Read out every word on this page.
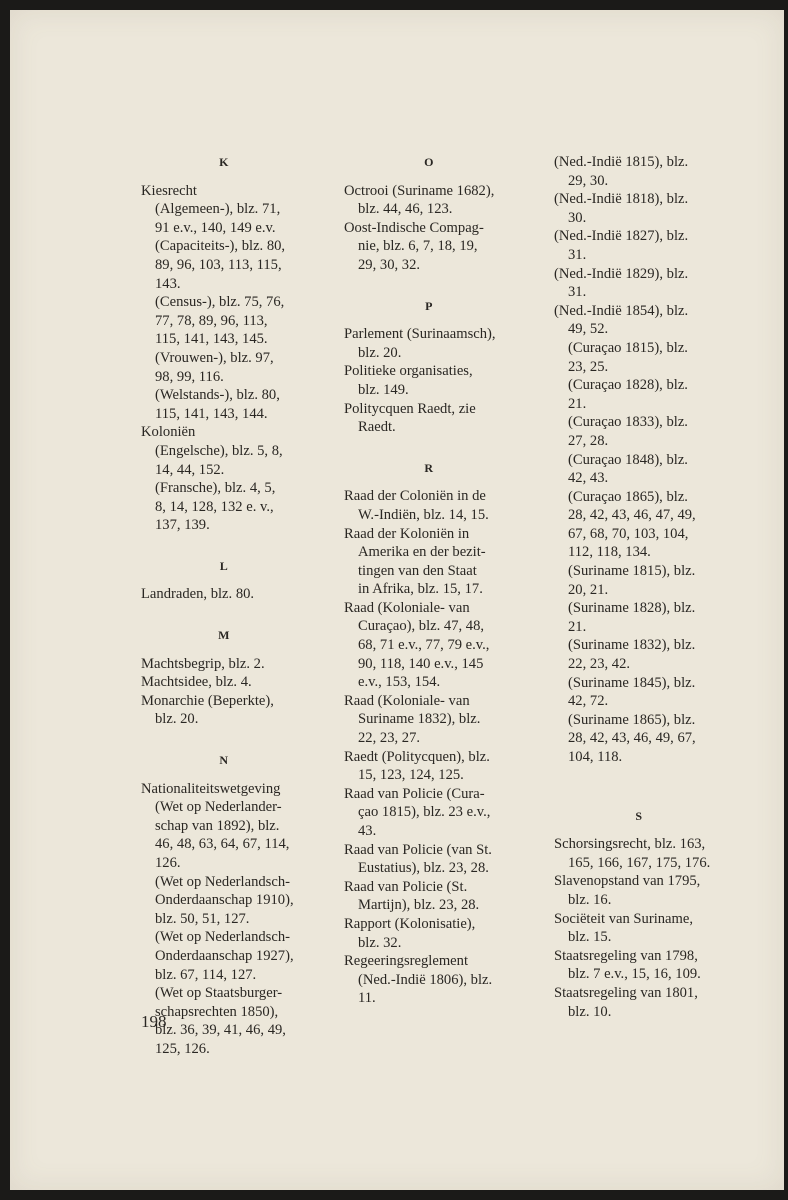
K
Kiesrecht
(Algemeen-), blz. 71,
91 e.v., 140, 149 e.v.
(Capaciteits-), blz. 80,
89, 96, 103, 113, 115,
143.
(Census-), blz. 75, 76,
77, 78, 89, 96, 113,
115, 141, 143, 145.
(Vrouwen-), blz. 97,
98, 99, 116.
(Welstands-), blz. 80,
115, 141, 143, 144.
Koloniën
(Engelsche), blz. 5, 8,
14, 44, 152.
(Fransche), blz. 4, 5,
8, 14, 128, 132 e. v.,
137, 139.
L
Landraden, blz. 80.
M
Machtsbegrip, blz. 2.
Machtsidee, blz. 4.
Monarchie (Beperkte),
blz. 20.
N
Nationaliteitswetgeving
(Wet op Nederlander-
schap van 1892), blz.
46, 48, 63, 64, 67, 114,
126.
(Wet op Nederlandsch-
Onderdaanschap 1910),
blz. 50, 51, 127.
(Wet op Nederlandsch-
Onderdaanschap 1927),
blz. 67, 114, 127.
(Wet op Staatsburger-
schapsrechten 1850),
blz. 36, 39, 41, 46, 49,
125, 126.
O
Octrooi (Suriname 1682),
blz. 44, 46, 123.
Oost-Indische Compag-
nie, blz. 6, 7, 18, 19,
29, 30, 32.
P
Parlement (Surinaamsch),
blz. 20.
Politieke organisaties,
blz. 149.
Politycquen Raedt, zie
Raedt.
R
Raad der Coloniën in de
W.-Indiën, blz. 14, 15.
Raad der Koloniën in
Amerika en der bezit-
tingen van den Staat
in Afrika, blz. 15, 17.
Raad (Koloniale- van
Curaçao), blz. 47, 48,
68, 71 e.v., 77, 79 e.v.,
90, 118, 140 e.v., 145
e.v., 153, 154.
Raad (Koloniale- van
Suriname 1832), blz.
22, 23, 27.
Raedt (Politycquen), blz.
15, 123, 124, 125.
Raad van Policie (Cura-
çao 1815), blz. 23 e.v.,
43.
Raad van Policie (van St.
Eustatius), blz. 23, 28.
Raad van Policie (St.
Martijn), blz. 23, 28.
Rapport (Kolonisatie),
blz. 32.
Regeeringsreglement
(Ned.-Indië 1806), blz.
11.
(Ned.-Indië 1815), blz.
29, 30.
(Ned.-Indië 1818), blz.
30.
(Ned.-Indië 1827), blz.
31.
(Ned.-Indië 1829), blz.
31.
(Ned.-Indië 1854), blz.
49, 52.
(Curaçao 1815), blz.
23, 25.
(Curaçao 1828), blz.
21.
(Curaçao 1833), blz.
27, 28.
(Curaçao 1848), blz.
42, 43.
(Curaçao 1865), blz.
28, 42, 43, 46, 47, 49,
67, 68, 70, 103, 104,
112, 118, 134.
(Suriname 1815), blz.
20, 21.
(Suriname 1828), blz.
21.
(Suriname 1832), blz.
22, 23, 42.
(Suriname 1845), blz.
42, 72.
(Suriname 1865), blz.
28, 42, 43, 46, 49, 67,
104, 118.
S
Schorsingsrecht, blz. 163,
165, 166, 167, 175, 176.
Slavenopstand van 1795,
blz. 16.
Sociëteit van Suriname,
blz. 15.
Staatsregeling van 1798,
blz. 7 e.v., 15, 16, 109.
Staatsregeling van 1801,
blz. 10.
198
